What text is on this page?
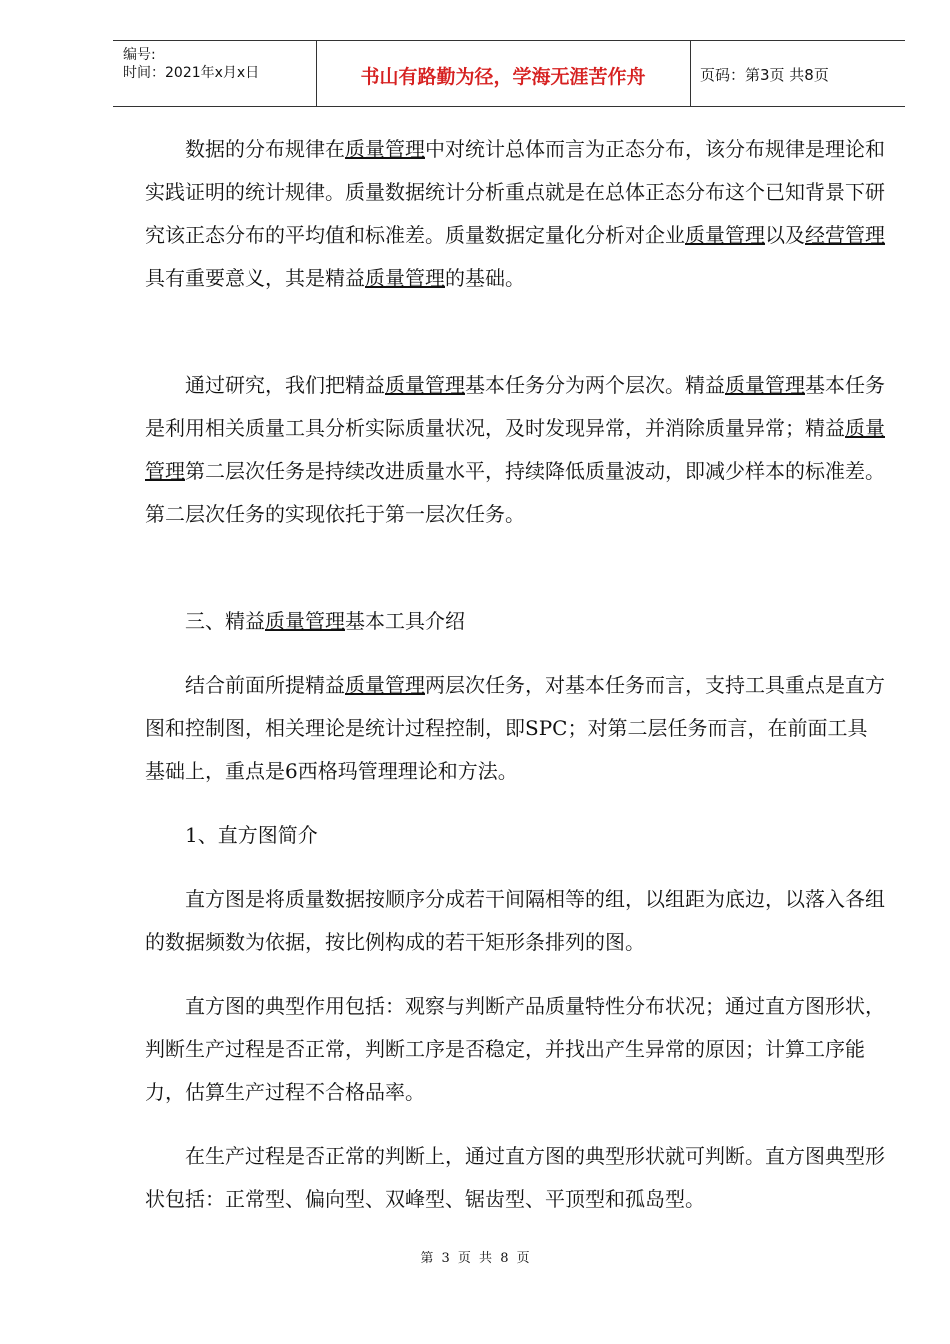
编号:
时间：2021年x月x日	书山有路勤为径，学海无涯苦作舟	页码：第3页 共8页

数据的分布规律在质量管理中对统计总体而言为正态分布，该分布规律是理论和实践证明的统计规律。质量数据统计分析重点就是在总体正态分布这个已知背景下研究该正态分布的平均值和标准差。质量数据定量化分析对企业质量管理以及经营管理具有重要意义，其是精益质量管理的基础。

通过研究，我们把精益质量管理基本任务分为两个层次。精益质量管理基本任务是利用相关质量工具分析实际质量状况，及时发现异常，并消除质量异常；精益质量管理第二层次任务是持续改进质量水平，持续降低质量波动，即减少样本的标准差。第二层次任务的实现依托于第一层次任务。

三、精益质量管理基本工具介绍

结合前面所提精益质量管理两层次任务，对基本任务而言，支持工具重点是直方图和控制图，相关理论是统计过程控制，即SPC；对第二层任务而言，在前面工具基础上，重点是6西格玛管理理论和方法。

1、直方图简介

直方图是将质量数据按顺序分成若干间隔相等的组，以组距为底边，以落入各组的数据频数为依据，按比例构成的若干矩形条排列的图。

直方图的典型作用包括：观察与判断产品质量特性分布状况；通过直方图形状，判断生产过程是否正常，判断工序是否稳定，并找出产生异常的原因；计算工序能力，估算生产过程不合格品率。

在生产过程是否正常的判断上，通过直方图的典型形状就可判断。直方图典型形状包括：正常型、偏向型、双峰型、锯齿型、平顶型和孤岛型。

第 3 页 共 8 页
